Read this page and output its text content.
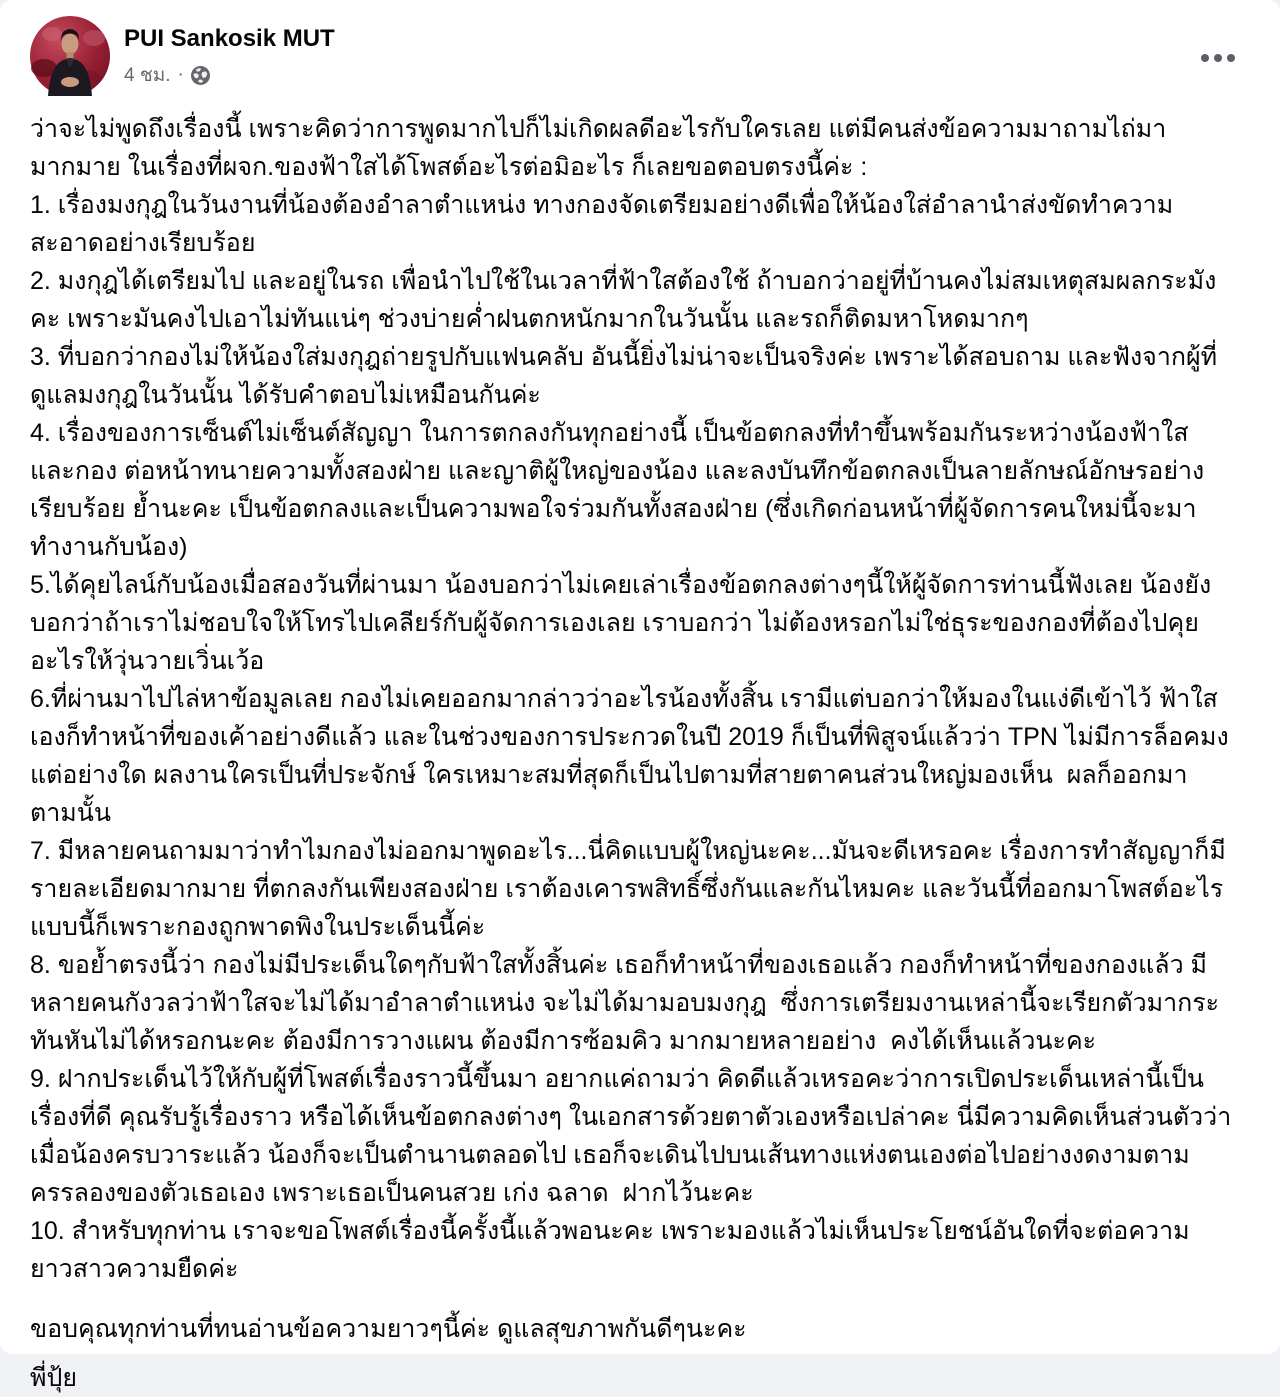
PUI Sankosik MUT
4 ชม. ·

ว่าจะไม่พูดถึงเรื่องนี้ เพราะคิดว่าการพูดมากไปก็ไม่เกิดผลดีอะไรกับใครเลย แต่มีคนส่งข้อความมาถามไถ่มามากมาย ในเรื่องที่ผจก.ของฟ้าใสได้โพสต์อะไรต่อมิอะไร ก็เลยขอตอบตรงนี้ค่ะ :

1. เรื่องมงกุฎในวันงานที่น้องต้องอำลาตำแหน่ง ทางกองจัดเตรียมอย่างดีเพื่อให้น้องใส่อำลานำส่งขัดทำความสะอาดอย่างเรียบร้อย

2. มงกุฎได้เตรียมไป และอยู่ในรถ เพื่อนำไปใช้ในเวลาที่ฟ้าใสต้องใช้ ถ้าบอกว่าอยู่ที่บ้านคงไม่สมเหตุสมผลกระมังคะ เพราะมันคงไปเอาไม่ทันแน่ๆ ช่วงบ่ายค่ำฝนตกหนักมากในวันนั้น และรถก็ติดมหาโหดมากๆ

3. ที่บอกว่ากองไม่ให้น้องใส่มงกุฎถ่ายรูปกับแฟนคลับ อันนี้ยิ่งไม่น่าจะเป็นจริงค่ะ เพราะได้สอบถาม และฟังจากผู้ที่ดูแลมงกุฎในวันนั้น ได้รับคำตอบไม่เหมือนกันค่ะ

4. เรื่องของการเซ็นต์ไม่เซ็นต์สัญญา ในการตกลงกันทุกอย่างนี้ เป็นข้อตกลงที่ทำขึ้นพร้อมกันระหว่างน้องฟ้าใส และกอง ต่อหน้าทนายความทั้งสองฝ่าย และญาติผู้ใหญ่ของน้อง และลงบันทึกข้อตกลงเป็นลายลักษณ์อักษรอย่างเรียบร้อย ย้ำนะคะ เป็นข้อตกลงและเป็นความพอใจร่วมกันทั้งสองฝ่าย (ซึ่งเกิดก่อนหน้าที่ผู้จัดการคนใหม่นี้จะมาทำงานกับน้อง)

5.ได้คุยไลน์กับน้องเมื่อสองวันที่ผ่านมา น้องบอกว่าไม่เคยเล่าเรื่องข้อตกลงต่างๆนี้ให้ผู้จัดการท่านนี้ฟังเลย น้องยังบอกว่าถ้าเราไม่ชอบใจให้โทรไปเคลียร์กับผู้จัดการเองเลย เราบอกว่า ไม่ต้องหรอกไม่ใช่ธุระของกองที่ต้องไปคุยอะไรให้วุ่นวายเวิ่นเว้อ

6.ที่ผ่านมาไปไล่หาข้อมูลเลย กองไม่เคยออกมากล่าวว่าอะไรน้องทั้งสิ้น เรามีแต่บอกว่าให้มองในแง่ดีเข้าไว้ ฟ้าใสเองก็ทำหน้าที่ของเค้าอย่างดีแล้ว และในช่วงของการประกวดในปี 2019 ก็เป็นที่พิสูจน์แล้วว่า TPN ไม่มีการล็อคมงแต่อย่างใด ผลงานใครเป็นที่ประจักษ์ ใครเหมาะสมที่สุดก็เป็นไปตามที่สายตาคนส่วนใหญ่มองเห็น  ผลก็ออกมาตามนั้น

7. มีหลายคนถามมาว่าทำไมกองไม่ออกมาพูดอะไร...นี่คิดแบบผู้ใหญ่นะคะ...มันจะดีเหรอคะ เรื่องการทำสัญญาก็มีรายละเอียดมากมาย ที่ตกลงกันเพียงสองฝ่าย เราต้องเคารพสิทธิ์ซึ่งกันและกันไหมคะ และวันนี้ที่ออกมาโพสต์อะไรแบบนี้ก็เพราะกองถูกพาดพิงในประเด็นนี้ค่ะ

8. ขอย้ำตรงนี้ว่า กองไม่มีประเด็นใดๆกับฟ้าใสทั้งสิ้นค่ะ เธอก็ทำหน้าที่ของเธอแล้ว กองก็ทำหน้าที่ของกองแล้ว มีหลายคนกังวลว่าฟ้าใสจะไม่ได้มาอำลาตำแหน่ง จะไม่ได้มามอบมงกุฎ  ซึ่งการเตรียมงานเหล่านี้จะเรียกตัวมากระทันหันไม่ได้หรอกนะคะ ต้องมีการวางแผน ต้องมีการซ้อมคิว มากมายหลายอย่าง  คงได้เห็นแล้วนะคะ

9. ฝากประเด็นไว้ให้กับผู้ที่โพสต์เรื่องราวนี้ขึ้นมา อยากแค่ถามว่า คิดดีแล้วเหรอคะว่าการเปิดประเด็นเหล่านี้เป็นเรื่องที่ดี คุณรับรู้เรื่องราว หรือได้เห็นข้อตกลงต่างๆ ในเอกสารด้วยตาตัวเองหรือเปล่าคะ นี่มีความคิดเห็นส่วนตัวว่าเมื่อน้องครบวาระแล้ว น้องก็จะเป็นตำนานตลอดไป เธอก็จะเดินไปบนเส้นทางแห่งตนเองต่อไปอย่างงดงามตามครรลองของตัวเธอเอง เพราะเธอเป็นคนสวย เก่ง ฉลาด  ฝากไว้นะคะ

10. สำหรับทุกท่าน เราจะขอโพสต์เรื่องนี้ครั้งนี้แล้วพอนะคะ เพราะมองแล้วไม่เห็นประโยชน์อันใดที่จะต่อความยาวสาวความยืดค่ะ

ขอบคุณทุกท่านที่ทนอ่านข้อความยาวๆนี้ค่ะ ดูแลสุขภาพกันดีๆนะคะ

พี่ปุ้ย
